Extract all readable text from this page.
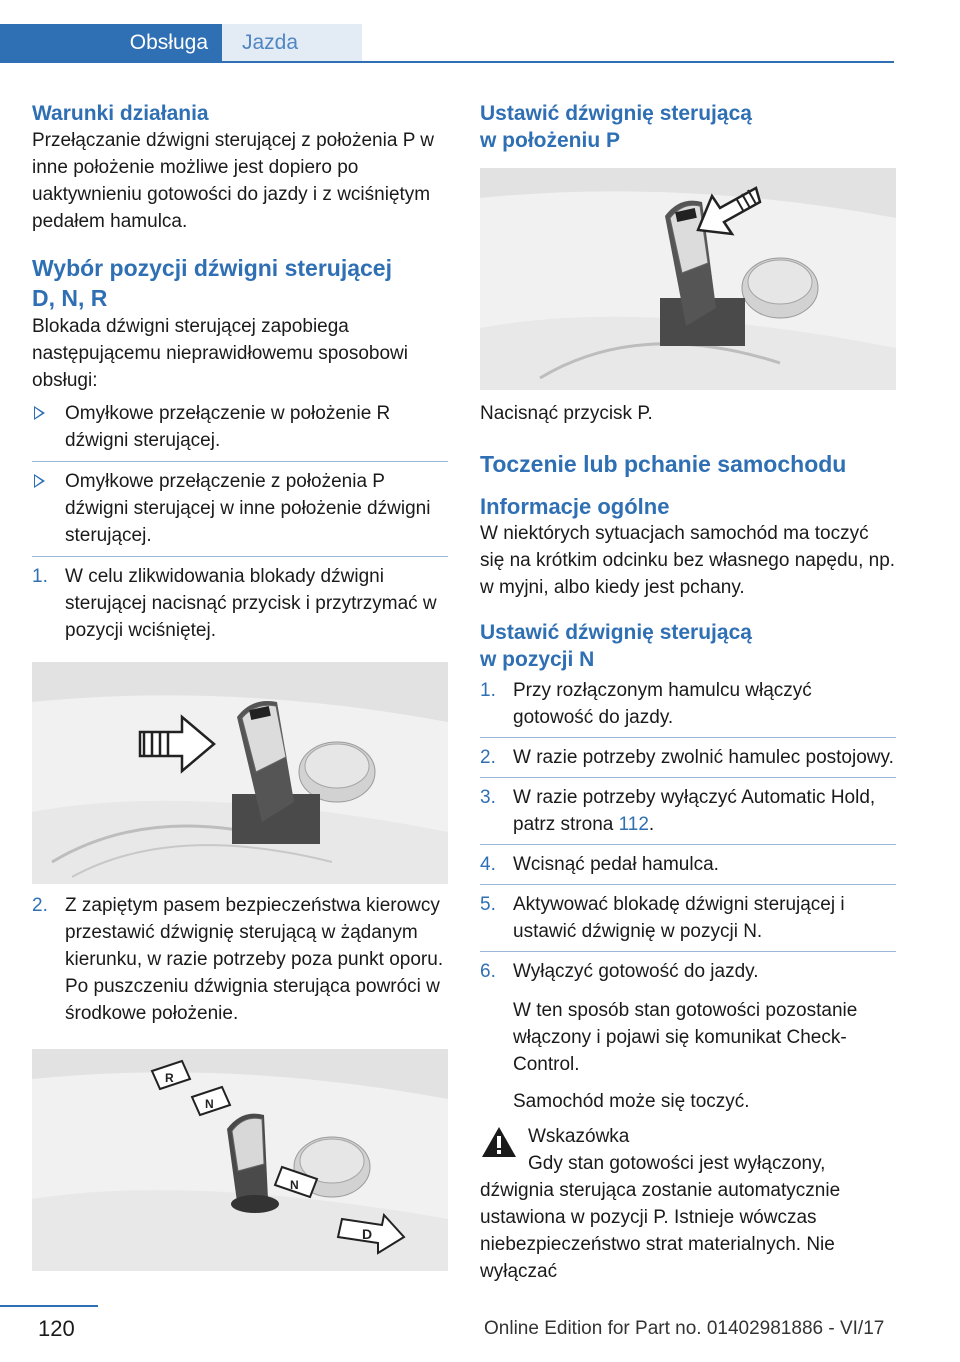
Obsługa Jazda
Warunki działania

Przełączanie dźwigni sterującej z położenia P w inne położenie możliwe jest dopiero po uaktywnieniu gotowości do jazdy i z wciśniętym pedałem hamulca.

Wybór pozycji dźwigni sterującej
D, N, R

Blokada dźwigni sterującej zapobiega następującemu nieprawidłowemu sposobowi obsługi:

Omyłkowe przełączenie w położenie R dźwigni sterującej.
Omyłkowe przełączenie z położenia P dźwigni sterującej w inne położenie dźwigni sterującej.
1. W celu zlikwidowania blokady dźwigni sterującej nacisnąć przycisk i przytrzymać w pozycji wciśniętej.
2. Z zapiętym pasem bezpieczeństwa kierowcy przestawić dźwignię sterującą w żądanym kierunku, w razie potrzeby poza punkt oporu. Po puszczeniu dźwignia sterująca powróci w środkowe położenie.
R
N
N
D
Ustawić dźwignię sterującą
w położeniu P

Nacisnąć przycisk P.

Toczenie lub pchanie samochodu
Informacje ogólne

W niektórych sytuacjach samochód ma toczyć się na krótkim odcinku bez własnego napędu, np. w myjni, albo kiedy jest pchany.

Ustawić dźwignię sterującą
w pozycji N
1. Przy rozłączonym hamulcu włączyć gotowość do jazdy.
2. W razie potrzeby zwolnić hamulec postojowy.
3. W razie potrzeby wyłączyć Automatic Hold, patrz strona 112.
4. Wcisnąć pedał hamulca.
5. Aktywować blokadę dźwigni sterującej i ustawić dźwignię w pozycji N.
6. Wyłączyć gotowość do jazdy.

W ten sposób stan gotowości pozostanie włączony i pojawi się komunikat Check-Control.

Samochód może się toczyć.

Wskazówka

Gdy stan gotowości jest wyłączony,

dźwignia sterująca zostanie automatycznie ustawiona w pozycji P. Istnieje wówczas niebezpieczeństwo strat materialnych. Nie wyłączać

120	Online Edition for Part no. 01402981886 - VI/17
